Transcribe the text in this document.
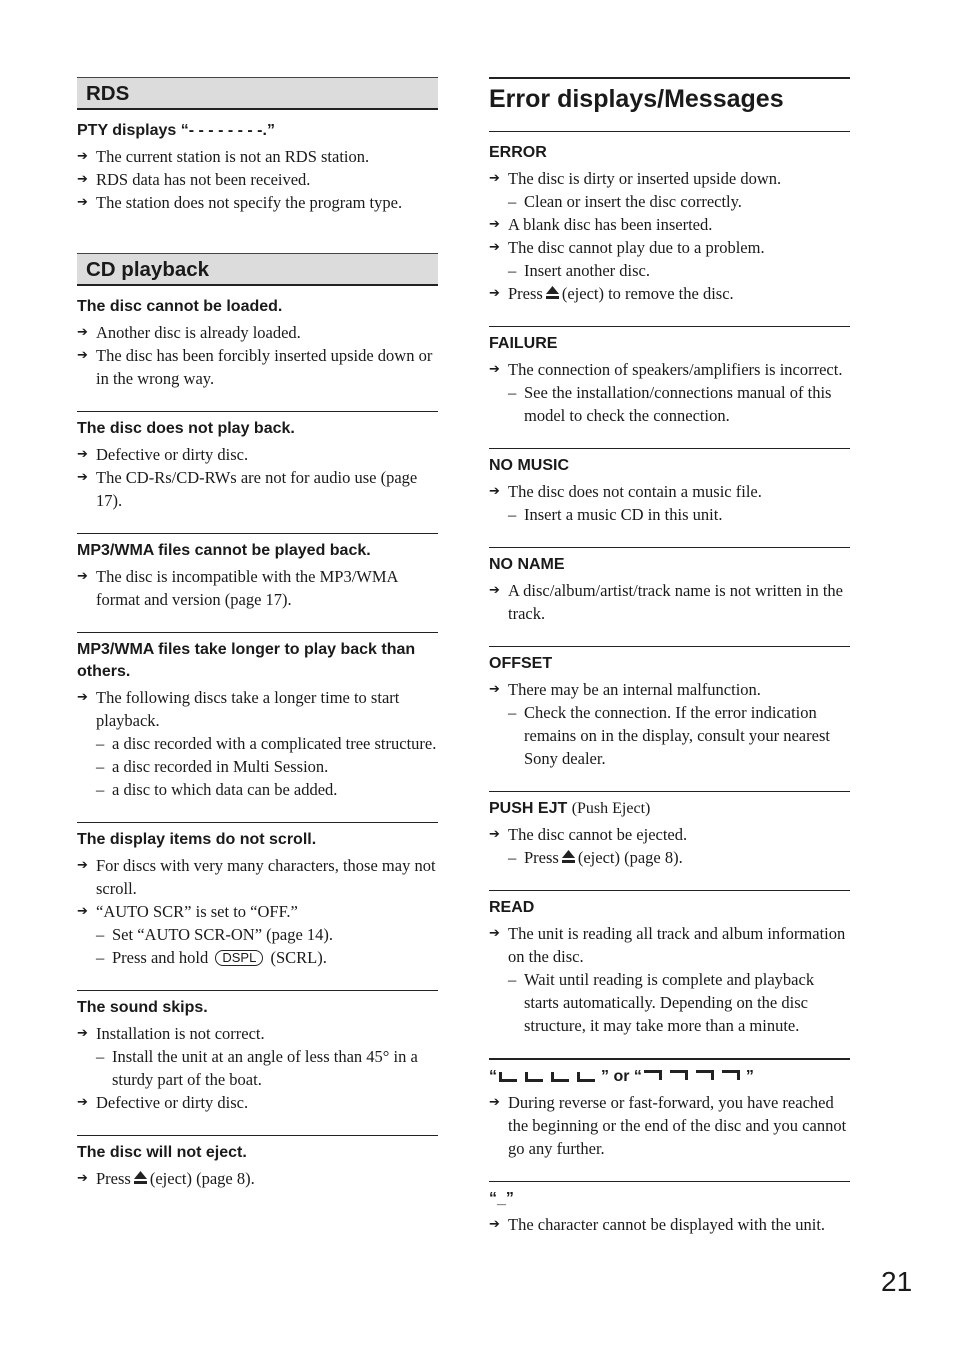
RDS
PTY displays “- - - - - - - -.”
➔ The current station is not an RDS station.
➔ RDS data has not been received.
➔ The station does not specify the program type.
CD playback
The disc cannot be loaded.
➔ Another disc is already loaded.
➔ The disc has been forcibly inserted upside down or in the wrong way.
The disc does not play back.
➔ Defective or dirty disc.
➔ The CD-Rs/CD-RWs are not for audio use (page 17).
MP3/WMA files cannot be played back.
➔ The disc is incompatible with the MP3/WMA format and version (page 17).
MP3/WMA files take longer to play back than others.
➔ The following discs take a longer time to start playback.
– a disc recorded with a complicated tree structure.
– a disc recorded in Multi Session.
– a disc to which data can be added.
The display items do not scroll.
➔ For discs with very many characters, those may not scroll.
➔ “AUTO SCR” is set to “OFF.”
– Set “AUTO SCR-ON” (page 14).
– Press and hold DSPL (SCRL).
The sound skips.
➔ Installation is not correct.
– Install the unit at an angle of less than 45° in a sturdy part of the boat.
➔ Defective or dirty disc.
The disc will not eject.
➔ Press (eject) (page 8).
Error displays/Messages
ERROR
➔ The disc is dirty or inserted upside down.
– Clean or insert the disc correctly.
➔ A blank disc has been inserted.
➔ The disc cannot play due to a problem.
– Insert another disc.
➔ Press (eject) to remove the disc.
FAILURE
➔ The connection of speakers/amplifiers is incorrect.
– See the installation/connections manual of this model to check the connection.
NO MUSIC
➔ The disc does not contain a music file.
– Insert a music CD in this unit.
NO NAME
➔ A disc/album/artist/track name is not written in the track.
OFFSET
➔ There may be an internal malfunction.
– Check the connection. If the error indication remains on in the display, consult your nearest Sony dealer.
PUSH EJT (Push Eject)
➔ The disc cannot be ejected.
– Press (eject) (page 8).
READ
➔ The unit is reading all track and album information on the disc.
– Wait until reading is complete and playback starts automatically. Depending on the disc structure, it may take more than a minute.
“	” or “	”
➔ During reverse or fast-forward, you have reached the beginning or the end of the disc and you cannot go any further.
“_”
➔ The character cannot be displayed with the unit.
21
